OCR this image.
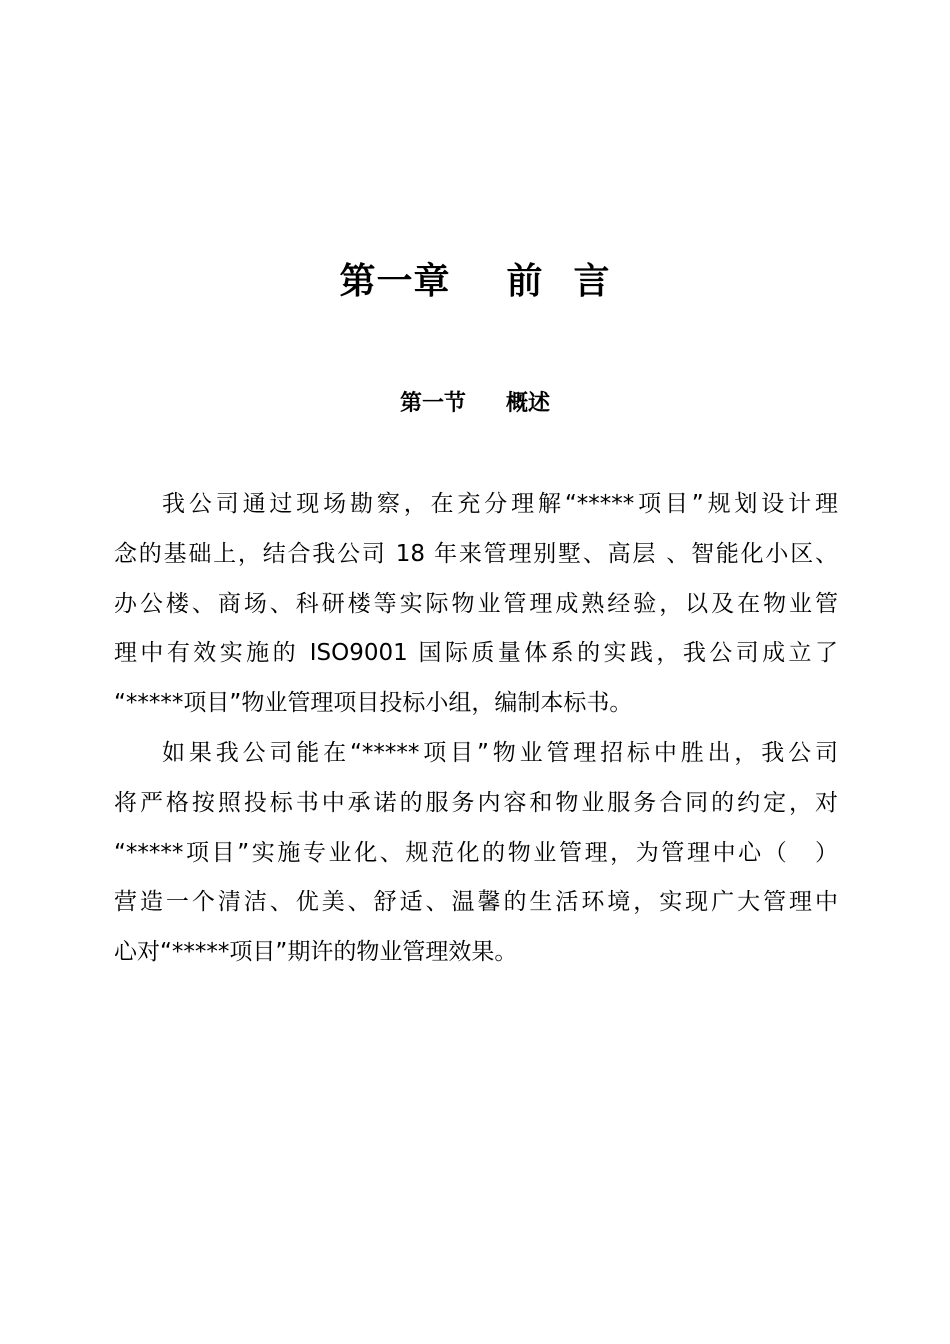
第一章 前 言
第一节 概述
我公司通过现场勘察，在充分理解“*****项目”规划设计理
念的基础上，结合我公司 18 年来管理别墅、高层 、智能化小区、
办公楼、商场、科研楼等实际物业管理成熟经验，以及在物业管
理中有效实施的 ISO9001 国际质量体系的实践，我公司成立了
“*****项目”物业管理项目投标小组，编制本标书。
如果我公司能在“*****项目”物业管理招标中胜出，我公司
将严格按照投标书中承诺的服务内容和物业服务合同的约定，对
“*****项目”实施专业化、规范化的物业管理，为管理中心（　）
营造一个清洁、优美、舒适、温馨的生活环境，实现广大管理中
心对“*****项目”期许的物业管理效果。
